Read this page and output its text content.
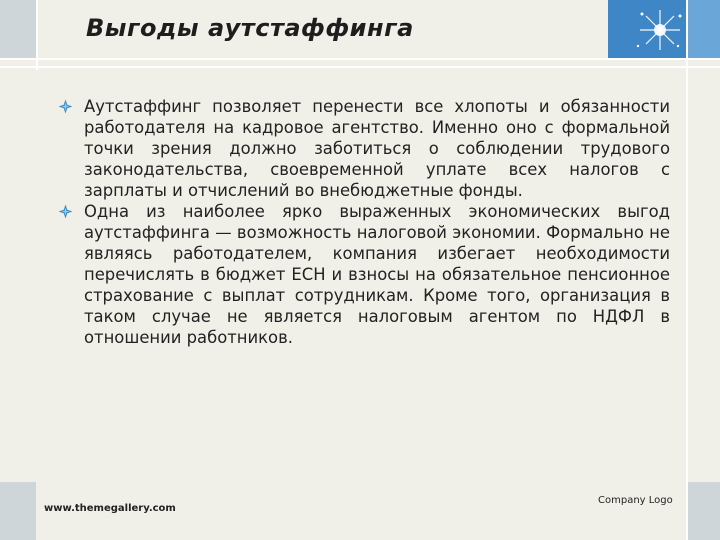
Выгоды аутстаффинга
Аутстаффинг позволяет перенести все хлопоты и обязанности работодателя на кадровое агентство. Именно оно с формальной точки зрения должно заботиться о соблюдении трудового законодательства, своевременной уплате всех налогов с зарплаты и отчислений во внебюджетные фонды.
Одна из наиболее ярко выраженных экономических выгод аутстаффинга — возможность налоговой экономии. Формально не являясь работодателем, компания избегает необходимости перечислять в бюджет ЕСН и взносы на обязательное пенсионное страхование с выплат сотрудникам. Кроме того, организация в таком случае не является налоговым агентом по НДФЛ в отношении работников.
www.themegallery.com
Company Logo
